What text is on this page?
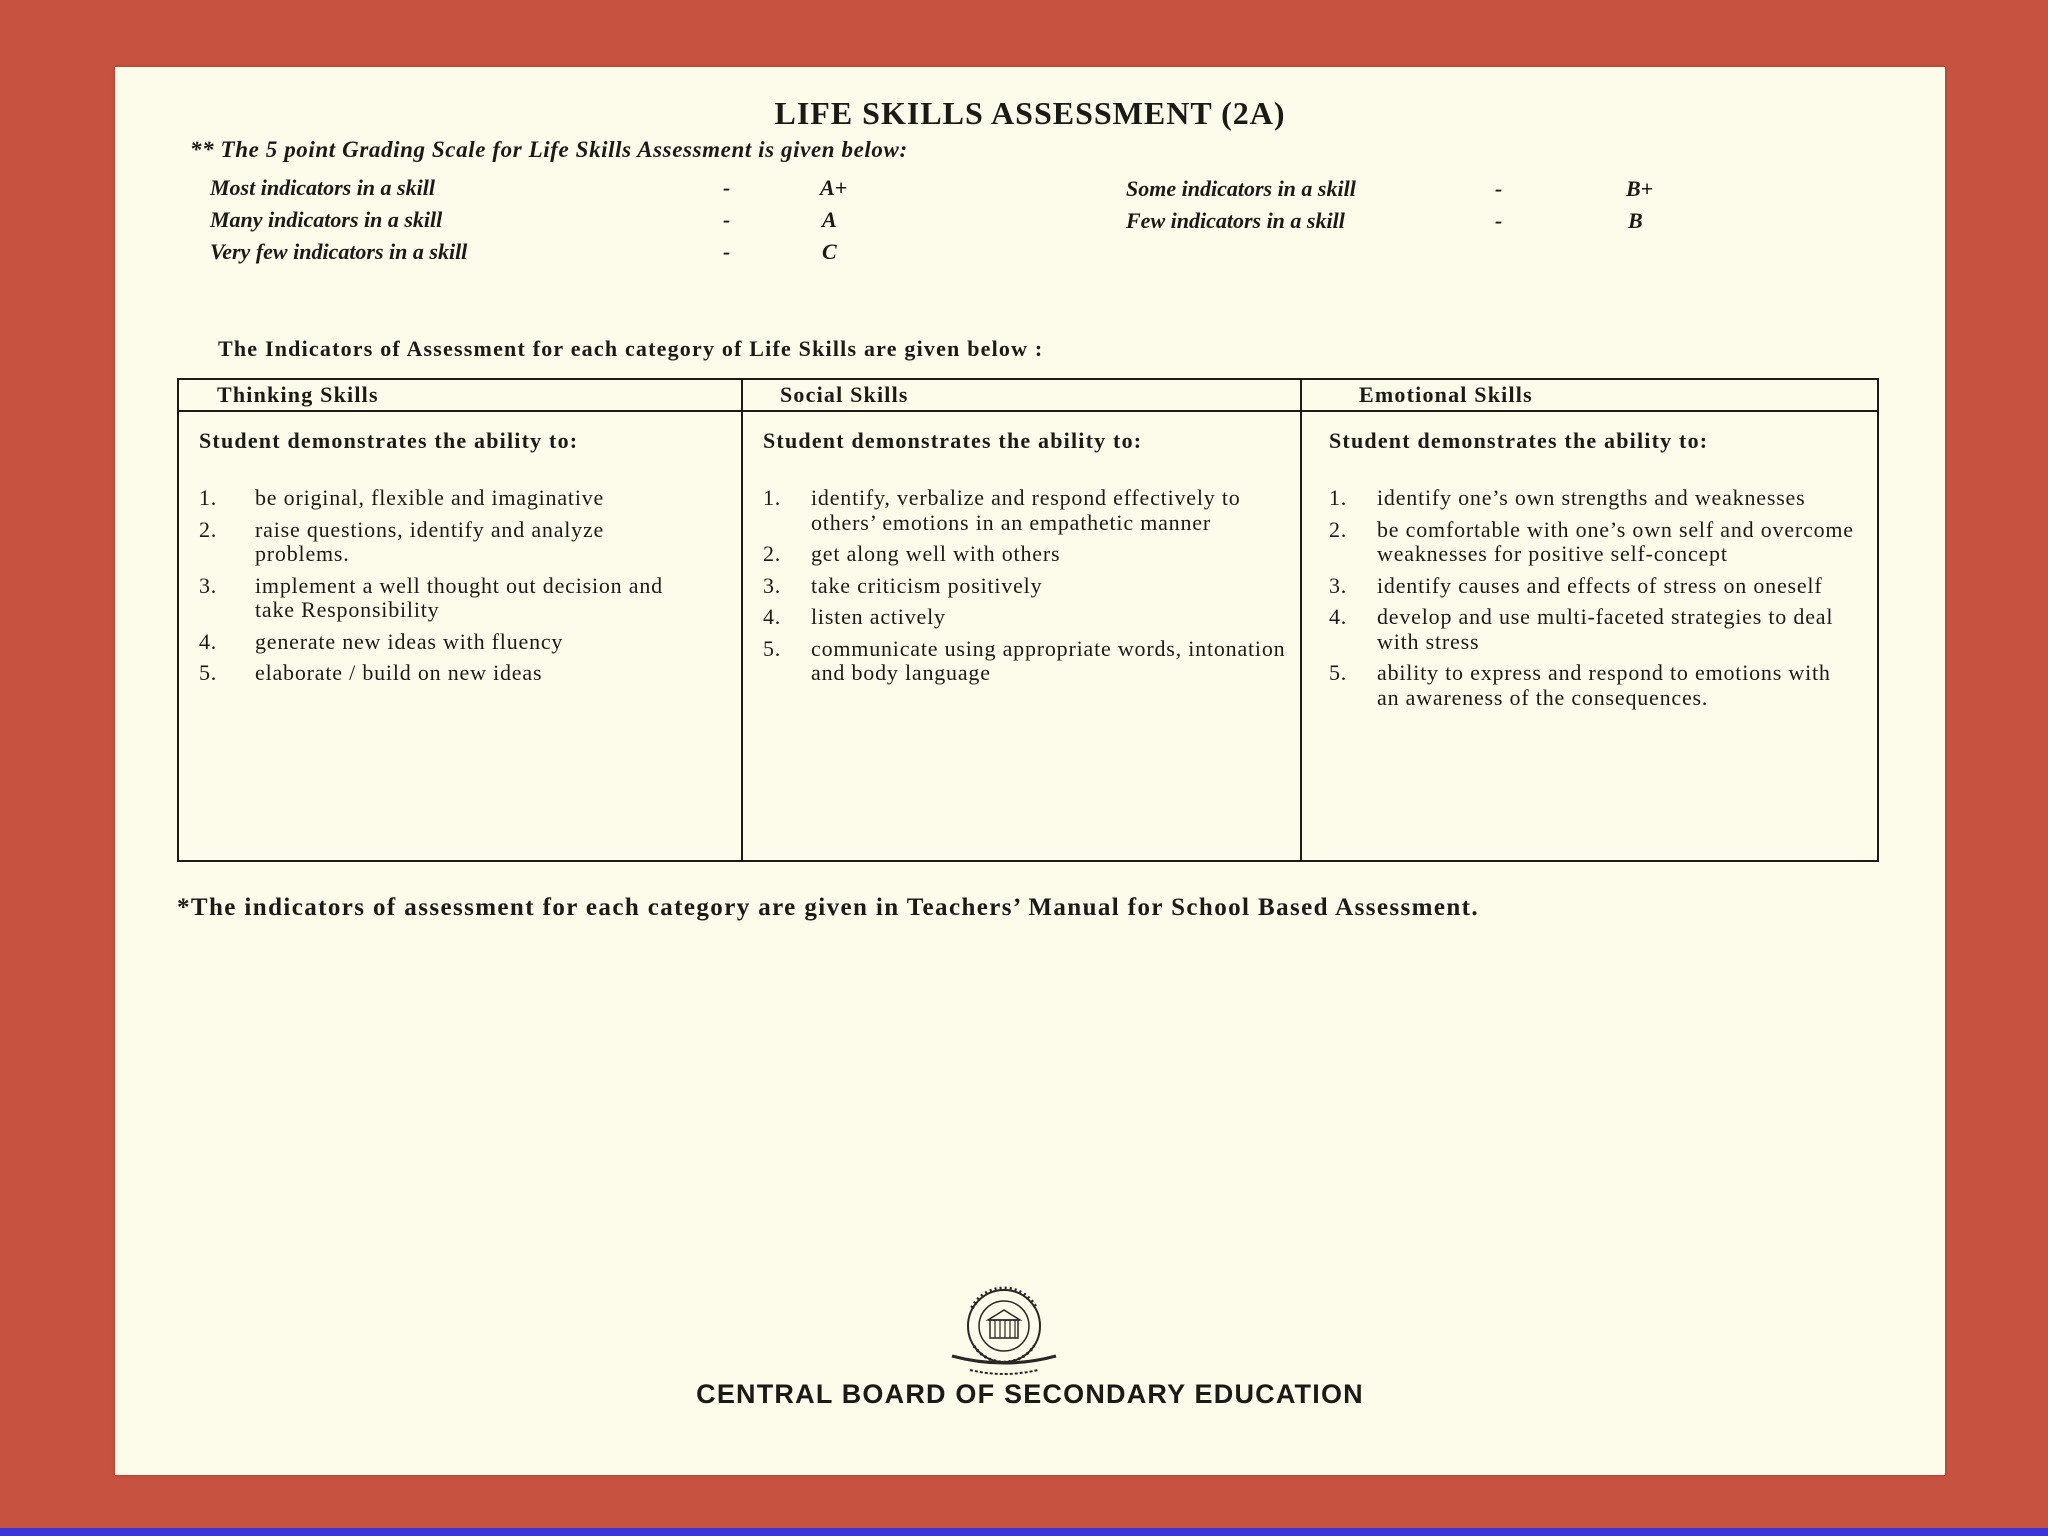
LIFE SKILLS ASSESSMENT (2A)
** The 5 point Grading Scale for Life Skills Assessment is given below:
Most indicators in a skill	-	A+
Many indicators in a skill	-	A
Very few indicators in a skill	-	C
Some indicators in a skill	-	B+
Few indicators in a skill	-	B
The Indicators of Assessment for each category of Life Skills are given below :
Thinking Skills
Student demonstrates the ability to:
1. be original, flexible and imaginative
2. raise questions, identify and analyze problems.
3. implement a well thought out decision and take Responsibility
4. generate new ideas with fluency
5. elaborate / build on new ideas
Social Skills
Student demonstrates the ability to:
1. identify, verbalize and respond effectively to others’ emotions in an empathetic manner
2. get along well with others
3. take criticism positively
4. listen actively
5. communicate using appropriate words, intonation and body language
Emotional Skills
Student demonstrates the ability to:
1. identify one’s own strengths and weaknesses
2. be comfortable with one’s own self and overcome weaknesses for positive self-concept
3. identify causes and effects of stress on oneself
4. develop and use multi-faceted strategies to deal with stress
5. ability to express and respond to emotions with an awareness of the consequences.
*The indicators of assessment for each category are given in Teachers’ Manual for School Based Assessment.
CENTRAL BOARD OF SECONDARY EDUCATION
